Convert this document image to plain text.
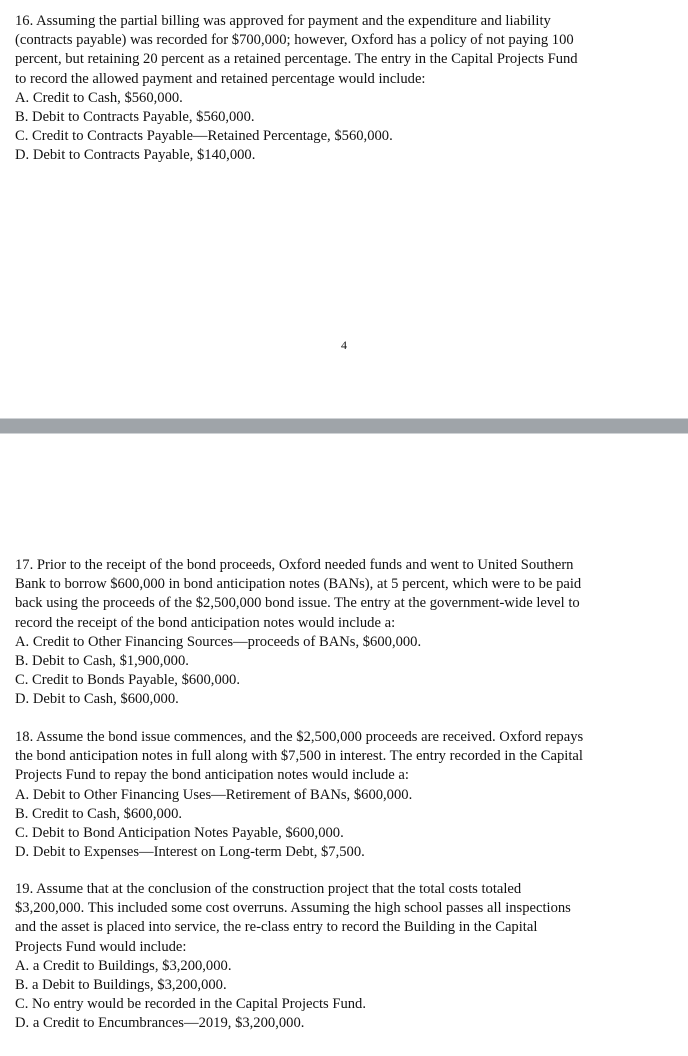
16. Assuming the partial billing was approved for payment and the expenditure and liability

(contracts payable) was recorded for $700,000; however, Oxford has a policy of not paying 100

percent, but retaining 20 percent as a retained percentage. The entry in the Capital Projects Fund

to record the allowed payment and retained percentage would include:

A. Credit to Cash, $560,000.

B. Debit to Contracts Payable, $560,000.

C. Credit to Contracts Payable—Retained Percentage, $560,000.

D. Debit to Contracts Payable, $140,000.

4

17. Prior to the receipt of the bond proceeds, Oxford needed funds and went to United Southern

Bank to borrow $600,000 in bond anticipation notes (BANs), at 5 percent, which were to be paid

back using the proceeds of the $2,500,000 bond issue. The entry at the government-wide level to

record the receipt of the bond anticipation notes would include a:

A. Credit to Other Financing Sources—proceeds of BANs, $600,000.

B. Debit to Cash, $1,900,000.

C. Credit to Bonds Payable, $600,000.

D. Debit to Cash, $600,000.

18. Assume the bond issue commences, and the $2,500,000 proceeds are received. Oxford repays

the bond anticipation notes in full along with $7,500 in interest. The entry recorded in the Capital

Projects Fund to repay the bond anticipation notes would include a:

A. Debit to Other Financing Uses—Retirement of BANs, $600,000.

B. Credit to Cash, $600,000.

C. Debit to Bond Anticipation Notes Payable, $600,000.

D. Debit to Expenses—Interest on Long-term Debt, $7,500.

19. Assume that at the conclusion of the construction project that the total costs totaled

$3,200,000. This included some cost overruns. Assuming the high school passes all inspections

and the asset is placed into service, the re-class entry to record the Building in the Capital

Projects Fund would include:

A. a Credit to Buildings, $3,200,000.

B. a Debit to Buildings, $3,200,000.

C. No entry would be recorded in the Capital Projects Fund.

D. a Credit to Encumbrances—2019, $3,200,000.
